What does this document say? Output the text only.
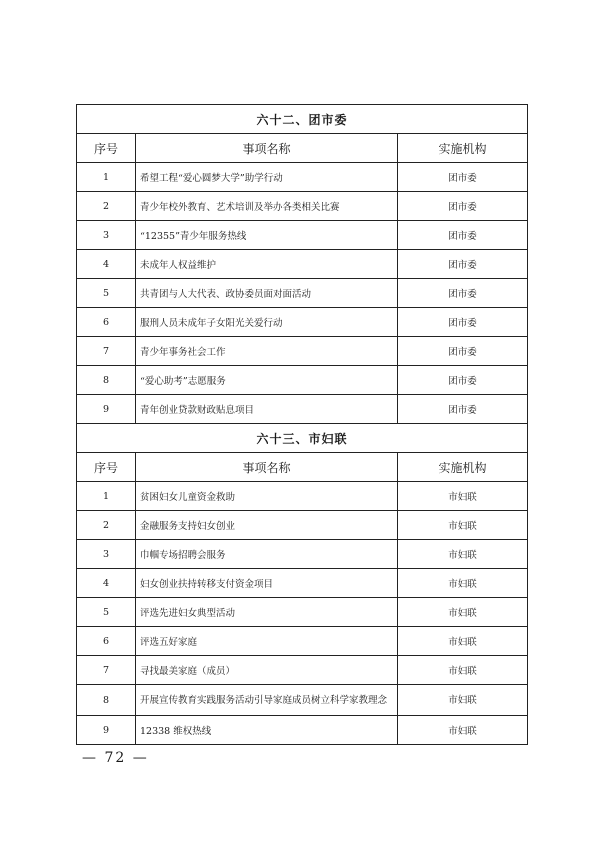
六十二、团市委		
序号	事项名称	实施机构
1	希望工程“爱心圆梦大学”助学行动	团市委
2	青少年校外教育、艺术培训及举办各类相关比赛	团市委
3	“12355”青少年服务热线	团市委
4	未成年人权益维护	团市委
5	共青团与人大代表、政协委员面对面活动	团市委
6	服刑人员未成年子女阳光关爱行动	团市委
7	青少年事务社会工作	团市委
8	“爱心助考”志愿服务	团市委
9	青年创业贷款财政贴息项目	团市委
六十三、市妇联		
序号	事项名称	实施机构
1	贫困妇女儿童资金救助	市妇联
2	金融服务支持妇女创业	市妇联
3	巾帼专场招聘会服务	市妇联
4	妇女创业扶持转移支付资金项目	市妇联
5	评选先进妇女典型活动	市妇联
6	评选五好家庭	市妇联
7	寻找最美家庭（成员）	市妇联
8	开展宣传教育实践服务活动引导家庭成员树立科学家教理念	市妇联
9	12338 维权热线	市妇联
— 72 —
